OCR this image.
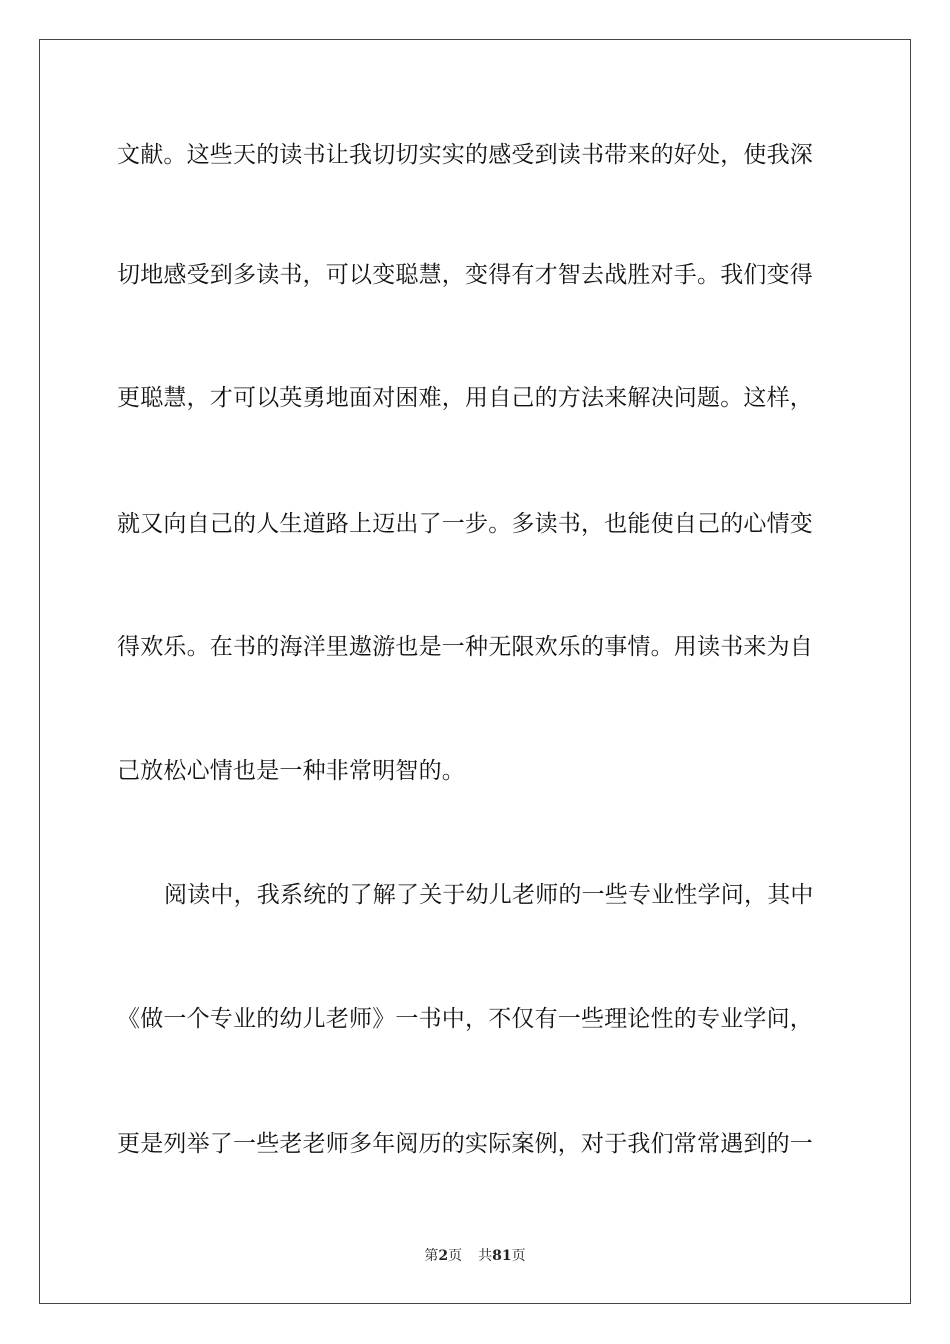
文献。这些天的读书让我切切实实的感受到读书带来的好处，使我深
切地感受到多读书，可以变聪慧，变得有才智去战胜对手。我们变得
更聪慧，才可以英勇地面对困难，用自己的方法来解决问题。这样，
就又向自己的人生道路上迈出了一步。多读书，也能使自己的心情变
得欢乐。在书的海洋里遨游也是一种无限欢乐的事情。用读书来为自
己放松心情也是一种非常明智的。
阅读中，我系统的了解了关于幼儿老师的一些专业性学问，其中
《做一个专业的幼儿老师》一书中，不仅有一些理论性的专业学问，
更是列举了一些老老师多年阅历的实际案例，对于我们常常遇到的一
第2页 共81页
